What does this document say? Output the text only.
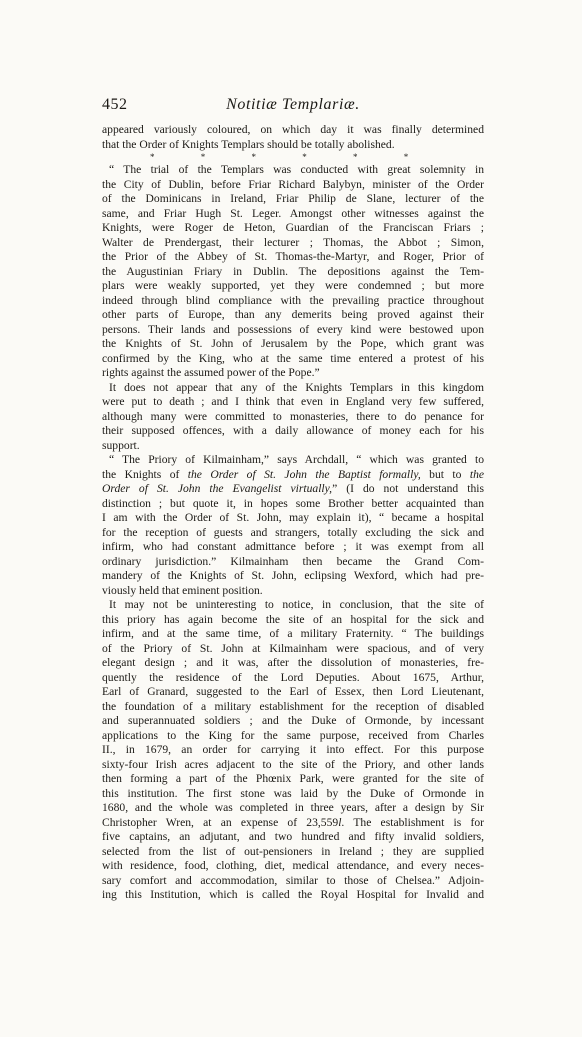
452	Notitiæ Templariæ.
appeared variously coloured, on which day it was finally determined
that the Order of Knights Templars should be totally abolished.
* * * * * *
“ The trial of the Templars was conducted with great solemnity in
the City of Dublin, before Friar Richard Balybyn, minister of the Order
of the Dominicans in Ireland, Friar Philip de Slane, lecturer of the
same, and Friar Hugh St. Leger. Amongst other witnesses against the
Knights, were Roger de Heton, Guardian of the Franciscan Friars ;
Walter de Prendergast, their lecturer ; Thomas, the Abbot ; Simon,
the Prior of the Abbey of St. Thomas-the-Martyr, and Roger, Prior of
the Augustinian Friary in Dublin. The depositions against the Tem-
plars were weakly supported, yet they were condemned ; but more
indeed through blind compliance with the prevailing practice throughout
other parts of Europe, than any demerits being proved against their
persons. Their lands and possessions of every kind were bestowed upon
the Knights of St. John of Jerusalem by the Pope, which grant was
confirmed by the King, who at the same time entered a protest of his
rights against the assumed power of the Pope.”
It does not appear that any of the Knights Templars in this kingdom
were put to death ; and I think that even in England very few suffered,
although many were committed to monasteries, there to do penance for
their supposed offences, with a daily allowance of money each for his
support.
“ The Priory of Kilmainham,” says Archdall, “ which was granted to
the Knights of the Order of St. John the Baptist formally, but to the
Order of St. John the Evangelist virtually,” (I do not understand this
distinction ; but quote it, in hopes some Brother better acquainted than
I am with the Order of St. John, may explain it), “ became a hospital
for the reception of guests and strangers, totally excluding the sick and
infirm, who had constant admittance before ; it was exempt from all
ordinary jurisdiction.” Kilmainham then became the Grand Com-
mandery of the Knights of St. John, eclipsing Wexford, which had pre-
viously held that eminent position.
It may not be uninteresting to notice, in conclusion, that the site of
this priory has again become the site of an hospital for the sick and
infirm, and at the same time, of a military Fraternity. “ The buildings
of the Priory of St. John at Kilmainham were spacious, and of very
elegant design ; and it was, after the dissolution of monasteries, fre-
quently the residence of the Lord Deputies. About 1675, Arthur,
Earl of Granard, suggested to the Earl of Essex, then Lord Lieutenant,
the foundation of a military establishment for the reception of disabled
and superannuated soldiers ; and the Duke of Ormonde, by incessant
applications to the King for the same purpose, received from Charles
II., in 1679, an order for carrying it into effect. For this purpose
sixty-four Irish acres adjacent to the site of the Priory, and other lands
then forming a part of the Phœnix Park, were granted for the site of
this institution. The first stone was laid by the Duke of Ormonde in
1680, and the whole was completed in three years, after a design by Sir
Christopher Wren, at an expense of 23,559l. The establishment is for
five captains, an adjutant, and two hundred and fifty invalid soldiers,
selected from the list of out-pensioners in Ireland ; they are supplied
with residence, food, clothing, diet, medical attendance, and every neces-
sary comfort and accommodation, similar to those of Chelsea.” Adjoin-
ing this Institution, which is called the Royal Hospital for Invalid and
